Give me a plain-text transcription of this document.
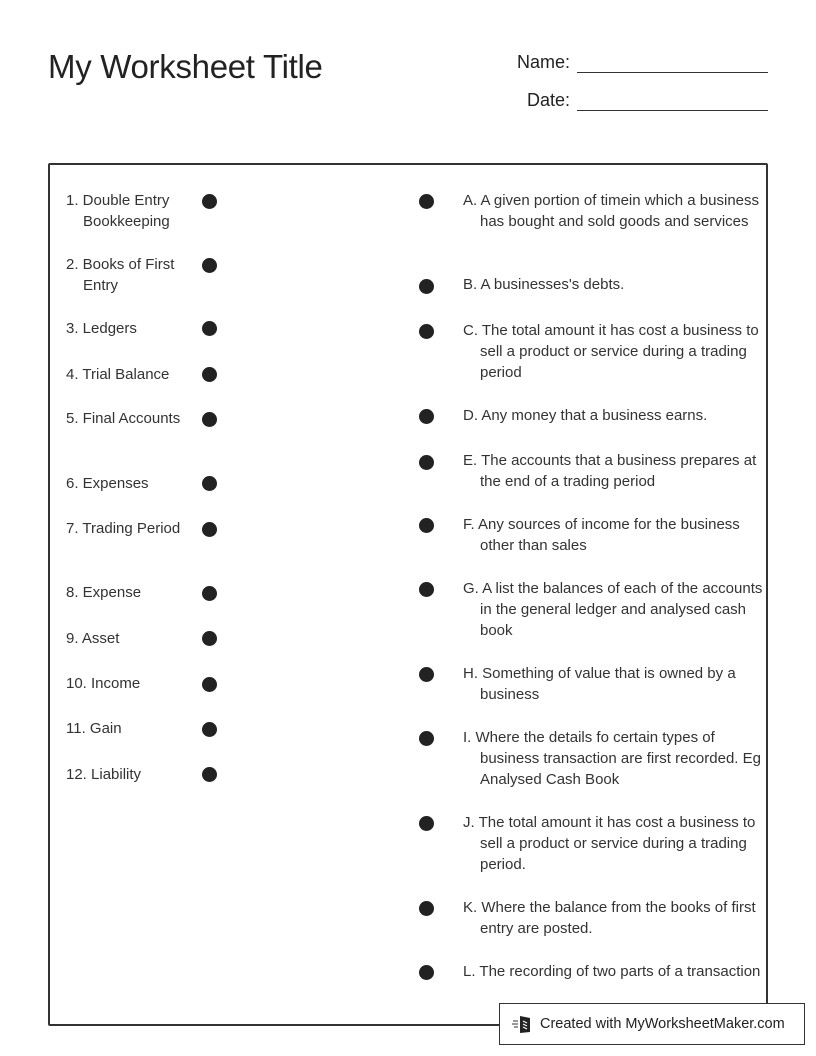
My Worksheet Title	Name:
Date:
1. Double Entry Bookkeeping
2. Books of First Entry
3. Ledgers
4. Trial Balance
5. Final Accounts
6. Expenses
7. Trading Period
8. Expense
9. Asset
10. Income
11. Gain
12. Liability
A. A given portion of timein which a business has bought and sold goods and services
B. A businesses's debts.
C. The total amount it has cost a business to sell a product or service during a trading period
D. Any money that a business earns.
E. The accounts that a business prepares at the end of a trading period
F. Any sources of income for the business other than sales
G. A list the balances of each of the accounts in the general ledger and analysed cash book
H. Something of value that is owned by a business
I. Where the details fo certain types of business transaction are first recorded. Eg Analysed Cash Book
J. The total amount it has cost a business to sell a product or service during a trading period.
K. Where the balance from the books of first entry are posted.
L. The recording of two parts of a transaction
Created with MyWorksheetMaker.com
